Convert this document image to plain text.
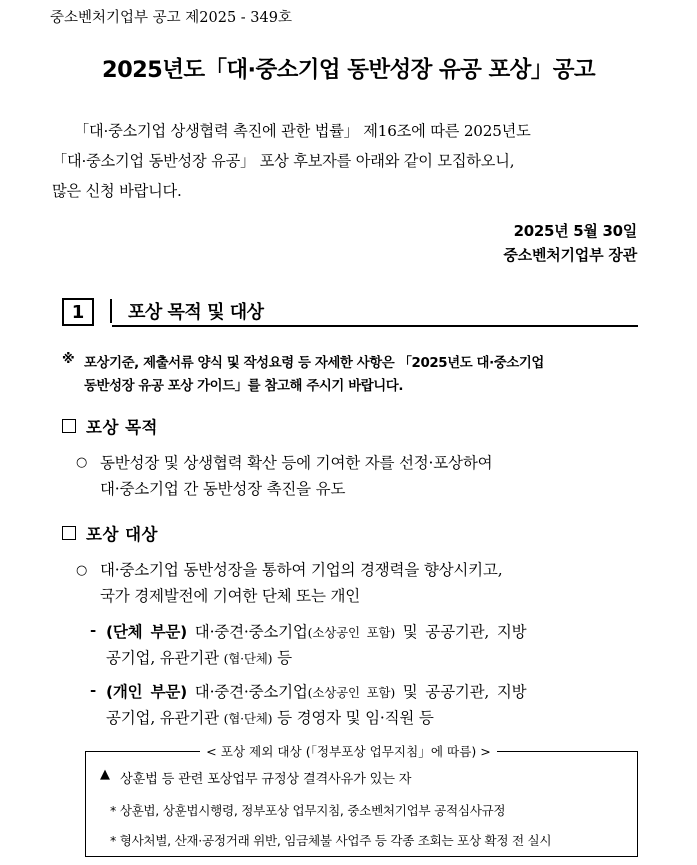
중소벤처기업부 공고 제2025 - 349호
2025년도「대·중소기업 동반성장 유공 포상」공고
「대·중소기업 상생협력 촉진에 관한 법률」 제16조에 따른 2025년도
「대·중소기업 동반성장 유공」 포상 후보자를 아래와 같이 모집하오니,
많은 신청 바랍니다.
2025년 5월 30일
중소벤처기업부 장관
1	포상 목적 및 대상
※ 포상기준, 제출서류 양식 및 작성요령 등 자세한 사항은 「2025년도 대·중소기업
동반성장 유공 포상 가이드」를 참고해 주시기 바랍니다.
포상 목적
○ 동반성장 및 상생협력 확산 등에 기여한 자를 선정·포상하여
대·중소기업 간 동반성장 촉진을 유도
포상 대상
○ 대·중소기업 동반성장을 통하여 기업의 경쟁력을 향상시키고,
국가 경제발전에 기여한 단체 또는 개인
- (단체 부문) 대·중견·중소기업(소상공인 포함) 및 공공기관, 지방
공기업, 유관기관 (협·단체) 등
- (개인 부문) 대·중견·중소기업(소상공인 포함) 및 공공기관, 지방
공기업, 유관기관 (협·단체) 등 경영자 및 임·직원 등
< 포상 제외 대상 (「정부포상 업무지침」에 따름) >
▲ 상훈법 등 관련 포상업무 규정상 결격사유가 있는 자
* 상훈법, 상훈법시행령, 정부포상 업무지침, 중소벤처기업부 공적심사규정
* 형사처벌, 산재·공정거래 위반, 임금체불 사업주 등 각종 조회는 포상 확정 전 실시
